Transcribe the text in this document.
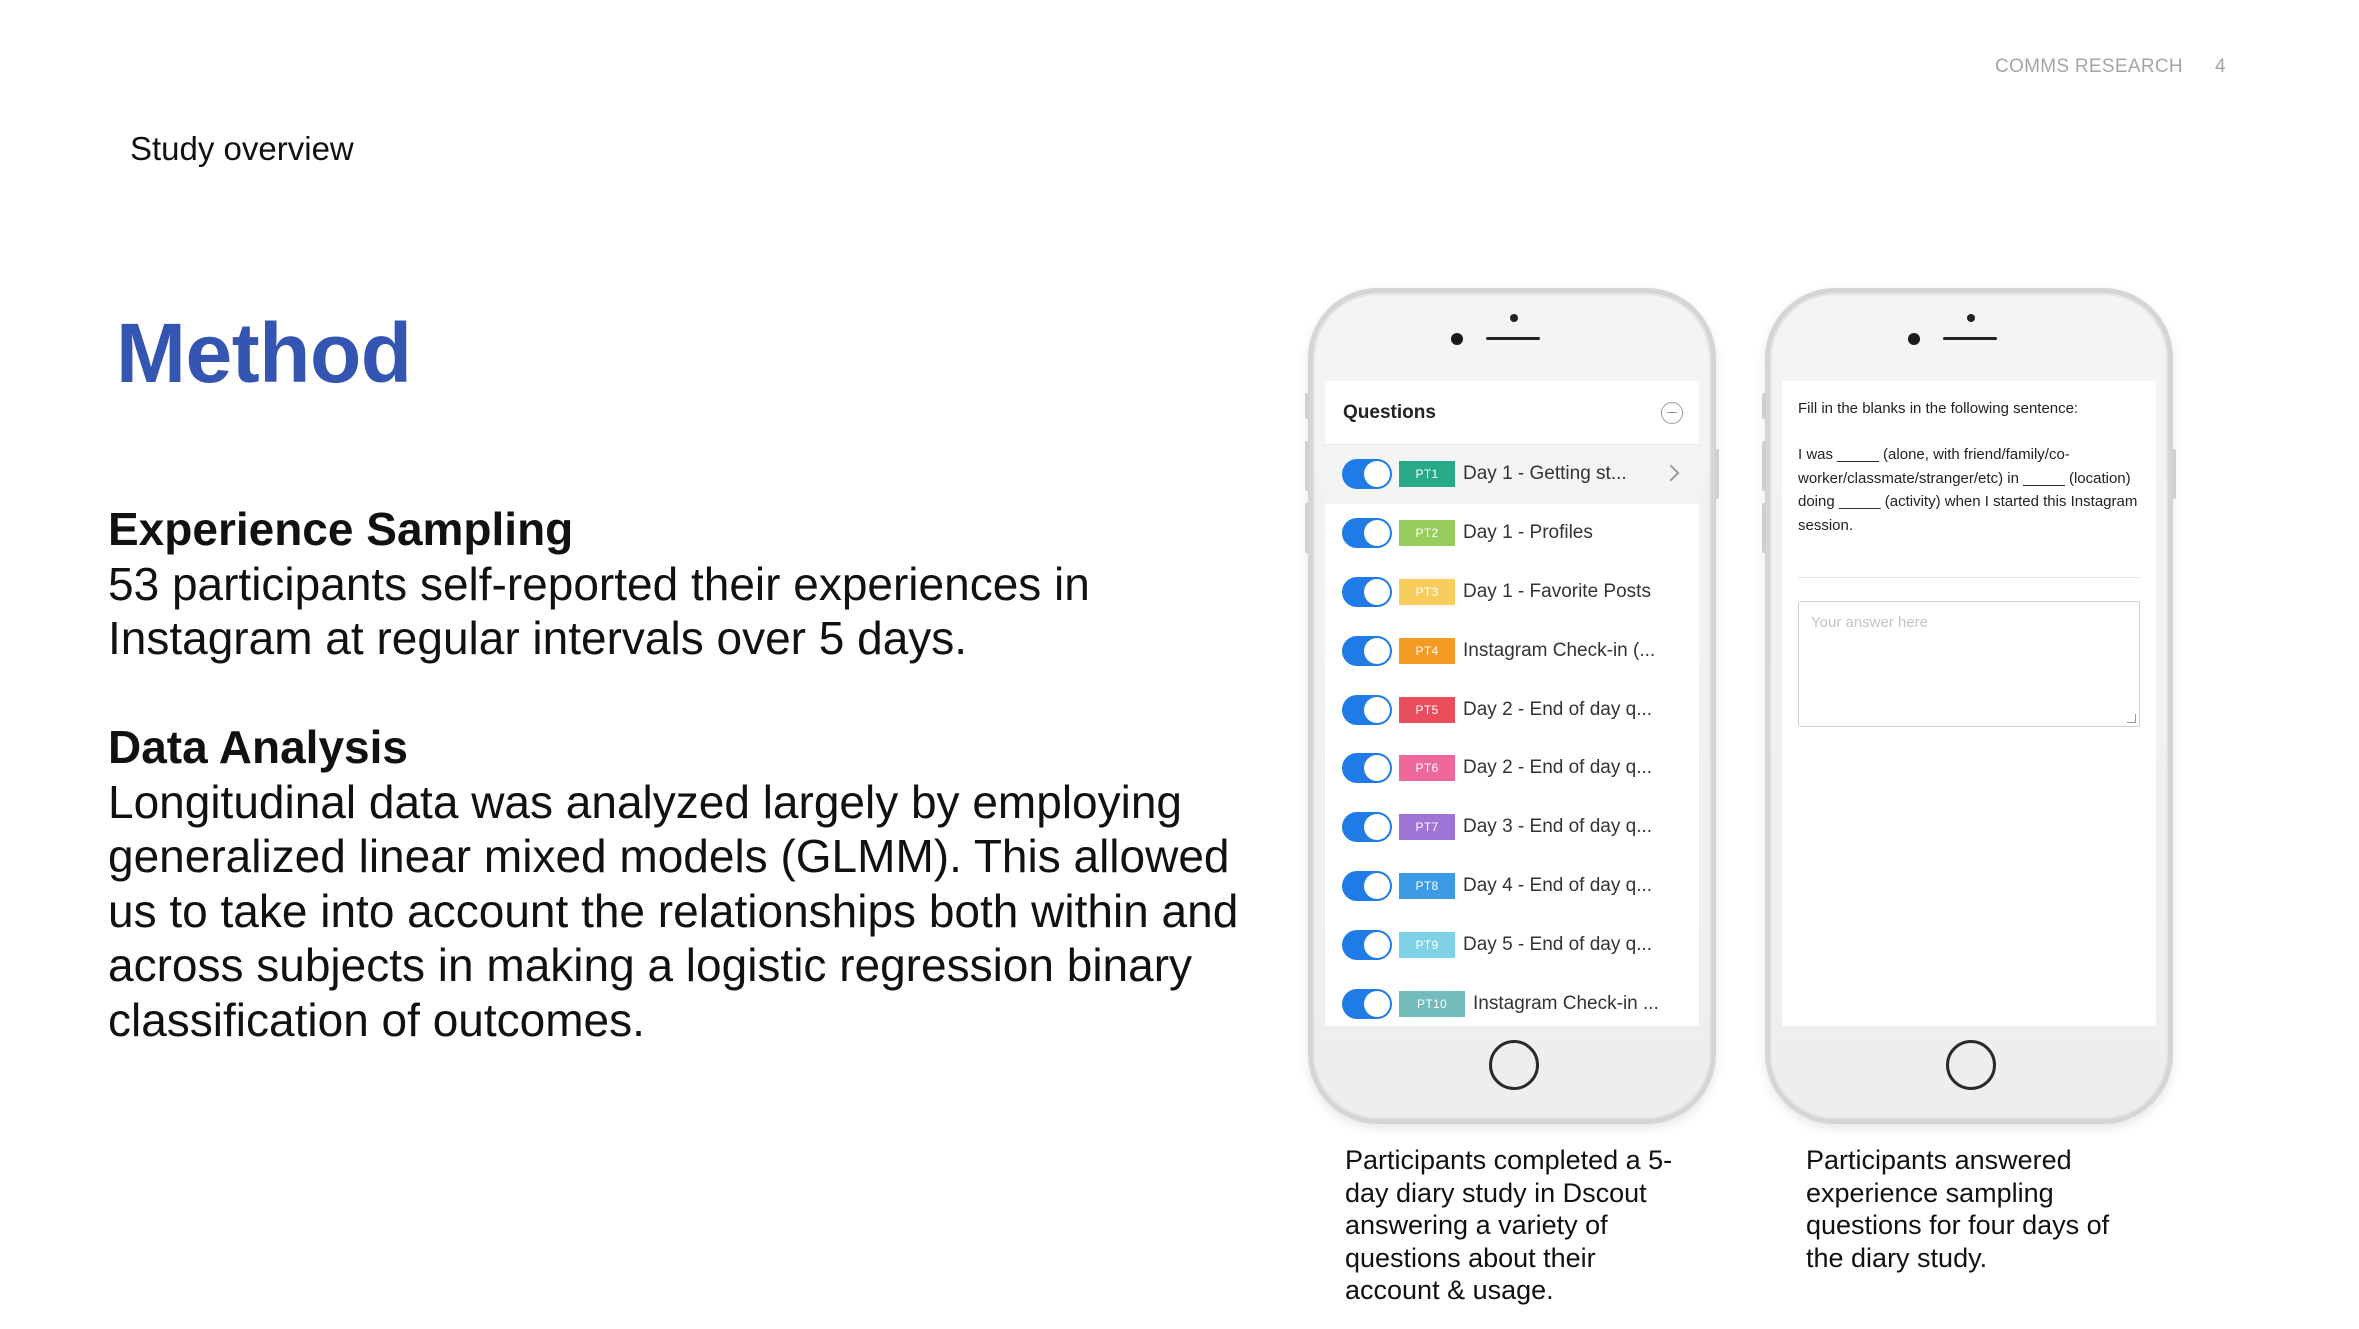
COMMS RESEARCH 4
Study overview
Method
Experience Sampling
53 participants self-reported their experiences in Instagram at regular intervals over 5 days.
Data Analysis
Longitudinal data was analyzed largely by employing generalized linear mixed models (GLMM). This allowed us to take into account the relationships both within and across subjects in making a logistic regression binary classification of outcomes.
Questions
PT1	Day 1 - Getting st...
PT2	Day 1 - Profiles
PT3	Day 1 - Favorite Posts
PT4	Instagram Check-in (...
PT5	Day 2 - End of day q...
PT6	Day 2 - End of day q...
PT7	Day 3 - End of day q...
PT8	Day 4 - End of day q...
PT9	Day 5 - End of day q...
PT10	Instagram Check-in ...
Fill in the blanks in the following sentence:
I was _____ (alone, with friend/family/co-worker/classmate/stranger/etc) in _____ (location) doing _____ (activity) when I started this Instagram session.
Your answer here
Participants completed a 5-day diary study in Dscout answering a variety of questions about their account & usage.
Participants answered experience sampling questions for four days of the diary study.
